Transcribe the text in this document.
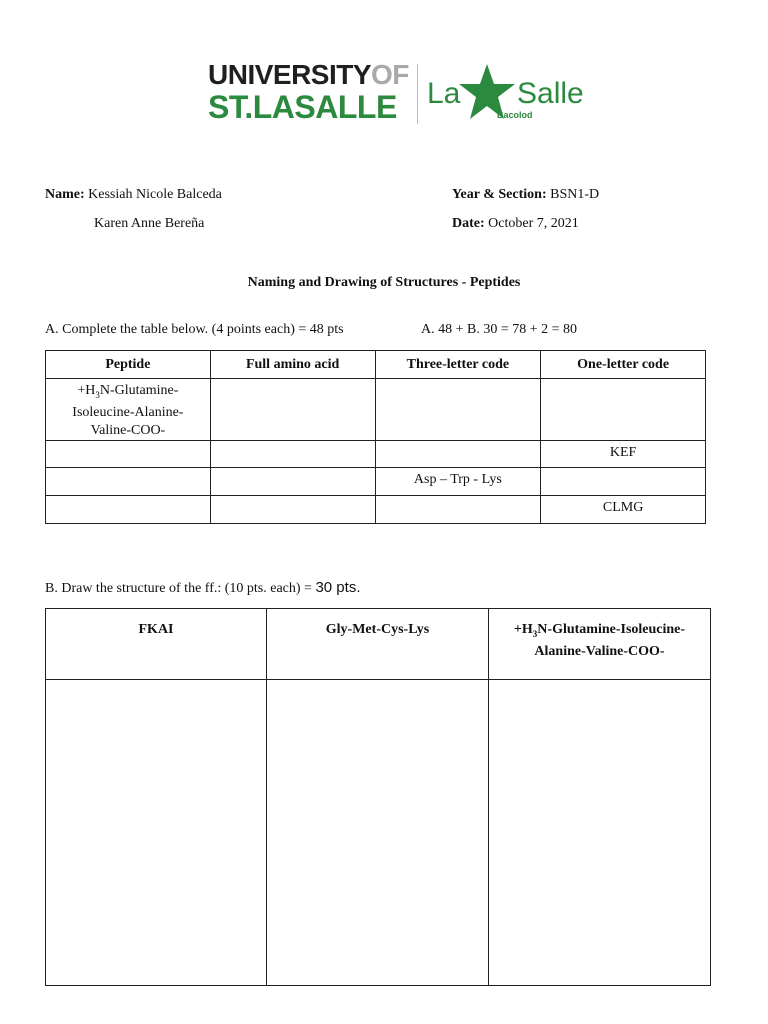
UNIVERSITYOF
ST.LASALLE La Salle
Bacolod
Name: Kessiah Nicole Balceda
Karen Anne Bereña
Year & Section: BSN1-D
Date: October 7, 2021
Naming and Drawing of Structures - Peptides
A. Complete the table below. (4 points each) = 48 pts	A. 48 + B. 30 = 78 + 2 = 80
Peptide	Full amino acid	Three-letter code	One-letter code

$+H_3N-Glutamine-$
Isoleucine-Alanine-
Valine-COO-			

			KEF

		Asp – Trp - Lys	

			CLMG
B. Draw the structure of the ff.: (10 pts. each) = 30 pts.
FKAI	Gly-Met-Cys-Lys	$+H_3N-Glutamine-Isoleucine-$
Alanine-Valine-COO-
